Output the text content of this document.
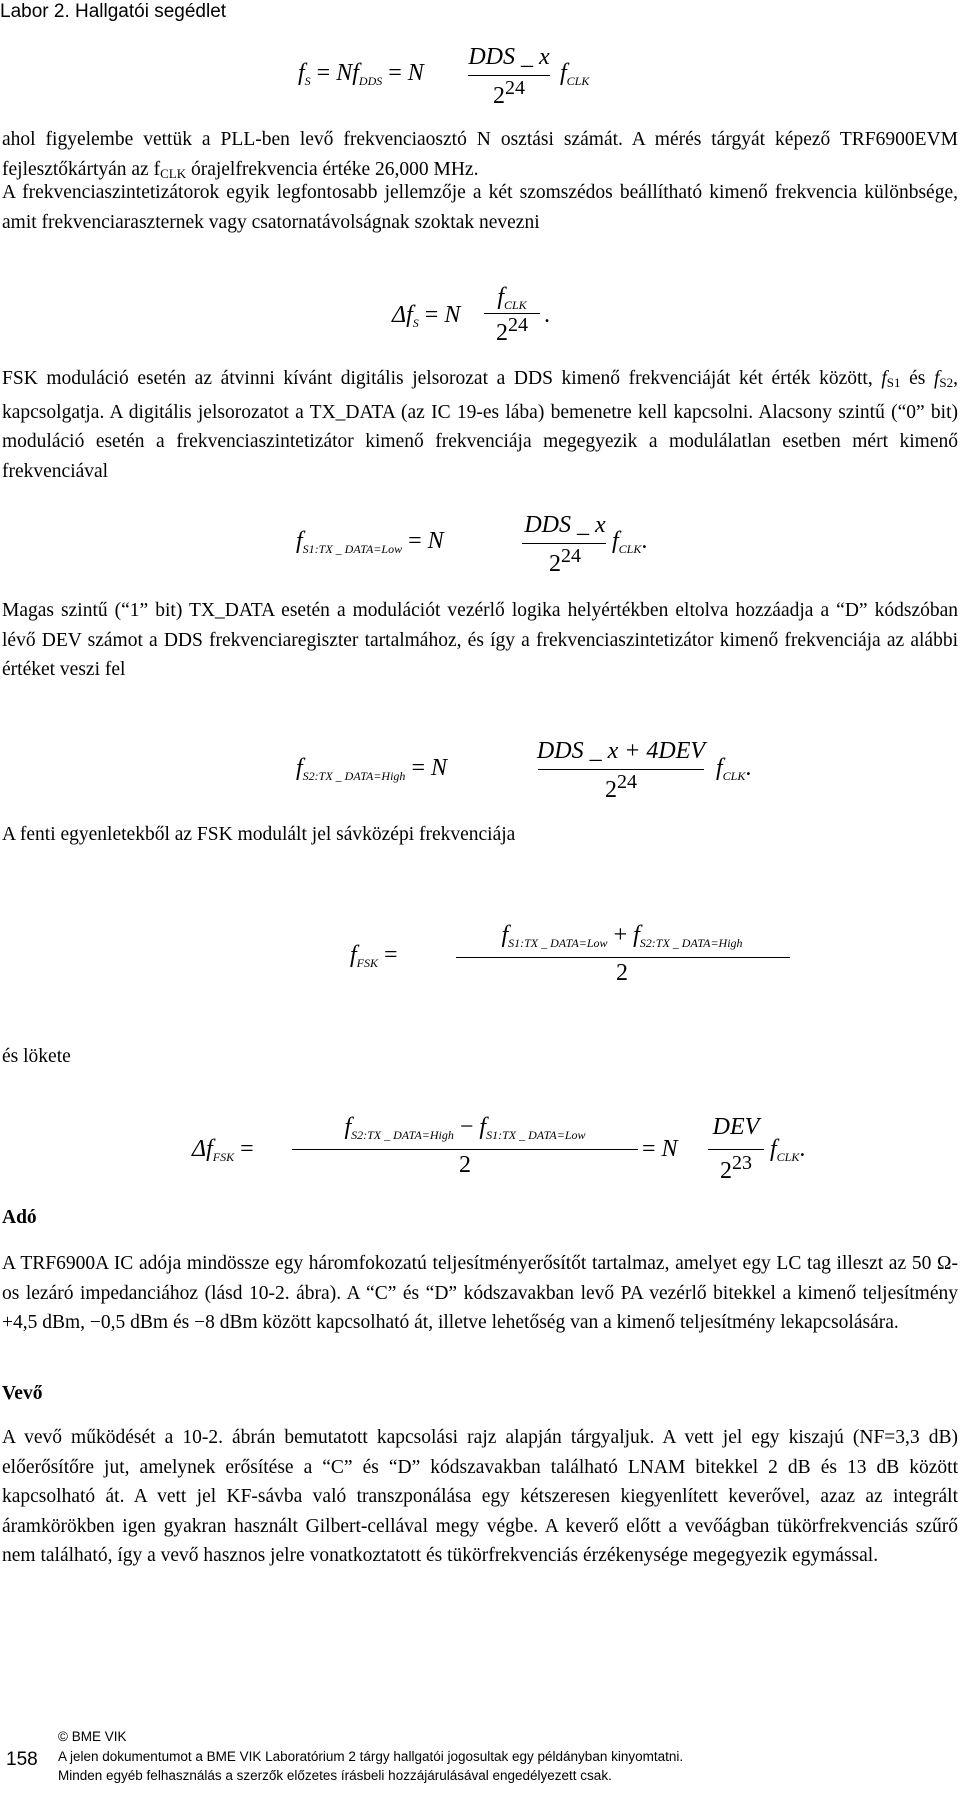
Labor 2. Hallgatói segédlet
$f_S = Nf_{DDS} = N$
DDS _ x
$2^{24}$
$f_{CLK}$

ahol figyelembe vettük a PLL-ben levő frekvenciaosztó N osztási számát. A mérés tárgyát képező TRF6900EVM fejlesztőkártyán az $f_{CLK}$ órajelfrekvencia értéke 26,000 MHz.

A frekvenciaszintetizátorok egyik legfontosabb jellemzője a két szomszédos beállítható kimenő frekvencia különbsége, amit frekvenciaraszternek vagy csatornatávolságnak szoktak nevezni

$\Delta f_S = N$
$f_{CLK}$
$2^{24}$ .

FSK moduláció esetén az átvinni kívánt digitális jelsorozat a DDS kimenő frekvenciáját két érték között, $f_{S1}$ és $f_{S2}$, kapcsolgatja. A digitális jelsorozatot a TX_DATA (az IC 19-es lába) bemenetre kell kapcsolni. Alacsony szintű (“0” bit) moduláció esetén a frekvenciaszintetizátor kimenő frekvenciája megegyezik a modulálatlan esetben mért kimenő frekvenciával

$f_{S1:TX \_ DATA=Low} = N$
DDS _ x
$2^{24}$
$f_{CLK}$.

Magas szintű (“1” bit) TX_DATA esetén a modulációt vezérlő logika helyértékben eltolva hozzáadja a “D” kódszóban lévő DEV számot a DDS frekvenciaregiszter tartalmához, és így a frekvenciaszintetizátor kimenő frekvenciája az alábbi értéket veszi fel

$f_{S2:TX \_ DATA=High} = N$
DDS _ x + 4DEV
$2^{24}$
$f_{CLK}$.

A fenti egyenletekből az FSK modulált jel sávközépi frekvenciája

$f_{FSK}$ =
$f_{S1:TX \_ DATA=Low} + f_{S2:TX \_ DATA=High}$
2

és lökete

$\Delta f_{FSK}$ =
$f_{S2:TX \_ DATA=High} - f_{S1:TX \_ DATA=Low}$
2
= N
DEV
$2^{23}$
$f_{CLK}$.
Adó

A TRF6900A IC adója mindössze egy háromfokozatú teljesítményerősítőt tartalmaz, amelyet egy LC tag illeszt az 50 Ω-os lezáró impedanciához (lásd 10-2. ábra). A “C” és “D” kódszavakban levő PA vezérlő bitekkel a kimenő teljesítmény +4,5 dBm, −0,5 dBm és −8 dBm között kapcsolható át, illetve lehetőség van a kimenő teljesítmény lekapcsolására.

Vevő

A vevő működését a 10-2. ábrán bemutatott kapcsolási rajz alapján tárgyaljuk. A vett jel egy kiszajú (NF=3,3 dB) előerősítőre jut, amelynek erősítése a “C” és “D” kódszavakban található LNAM bitekkel 2 dB és 13 dB között kapcsolható át. A vett jel KF-sávba való transzponálása egy kétszeresen kiegyenlített keverővel, azaz az integrált áramkörökben igen gyakran használt Gilbert-cellával megy végbe. A keverő előtt a vevőágban tükörfrekvenciás szűrő nem található, így a vevő hasznos jelre vonatkoztatott és tükörfrekvenciás érzékenysége megegyezik egymással.

© BME VIK
158 A jelen dokumentumot a BME VIK Laboratórium 2 tárgy hallgatói jogosultak egy példányban kinyomtatni.
Minden egyéb felhasználás a szerzők előzetes írásbeli hozzájárulásával engedélyezett csak.
